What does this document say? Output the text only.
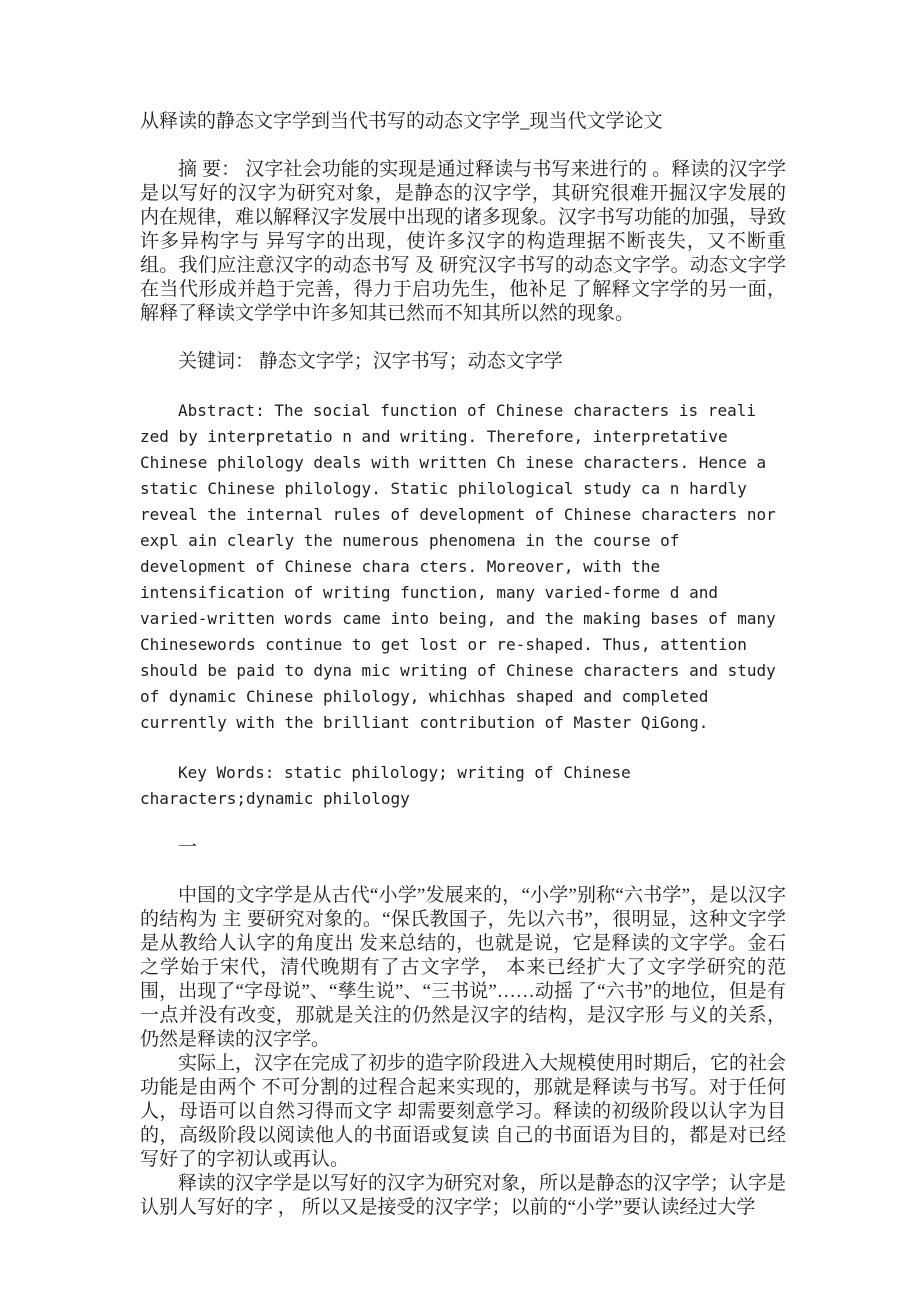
从释读的静态文字学到当代书写的动态文字学_现当代文学论文

摘 要： 汉字社会功能的实现是通过释读与书写来进行的 。释读的汉字学是以写好的汉字为研究对象，是静态的汉字学，其研究很难开掘汉字发展的 内在规律，难以解释汉字发展中出现的诸多现象。汉字书写功能的加强，导致许多异构字与 异写字的出现，使许多汉字的构造理据不断丧失，又不断重组。我们应注意汉字的动态书写 及 研究汉字书写的动态文字学。动态文字学在当代形成并趋于完善，得力于启功先生，他补足 了解释文字学的另一面，解释了释读文学学中许多知其已然而不知其所以然的现象。

关键词： 静态文字学；汉字书写；动态文字学

Abstract: The social function of Chinese characters is reali zed by interpretatio n and writing. Therefore, interpretative Chinese philology deals with written Ch inese characters. Hence a static Chinese philology. Static philological study ca n hardly reveal the internal rules of development of Chinese characters nor expl ain clearly the numerous phenomena in the course of development of Chinese chara cters. Moreover, with the intensification of writing function, many varied-forme d and varied-written words came into being, and the making bases of many Chinesewords continue to get lost or re-shaped. Thus, attention should be paid to dyna mic writing of Chinese characters and study of dynamic Chinese philology, whichhas shaped and completed currently with the brilliant contribution of Master QiGong.

Key Words: static philology; writing of Chinese characters;dynamic philology

一

中国的文字学是从古代“小学”发展来的，“小学”别称“六书学”，是以汉字的结构为 主 要研究对象的。“保氏教国子，先以六书”，很明显，这种文字学是从教给人认字的角度出 发来总结的，也就是说，它是释读的文字学。金石之学始于宋代，清代晚期有了古文字学， 本来已经扩大了文字学研究的范围，出现了“字母说”、“孳生说”、“三书说”……动摇 了“六书”的地位，但是有一点并没有改变，那就是关注的仍然是汉字的结构，是汉字形 与义的关系，仍然是释读的汉字学。

实际上，汉字在完成了初步的造字阶段进入大规模使用时期后，它的社会功能是由两个 不可分割的过程合起来实现的，那就是释读与书写。对于任何人，母语可以自然习得而文字 却需要刻意学习。释读的初级阶段以认字为目的，高级阶段以阅读他人的书面语或复读 自己的书面语为目的，都是对已经写好了的字初认或再认。

释读的汉字学是以写好的汉字为研究对象，所以是静态的汉字学；认字是认别人写好的字 ， 所以又是接受的汉字学；以前的“小学”要认读经过大学
